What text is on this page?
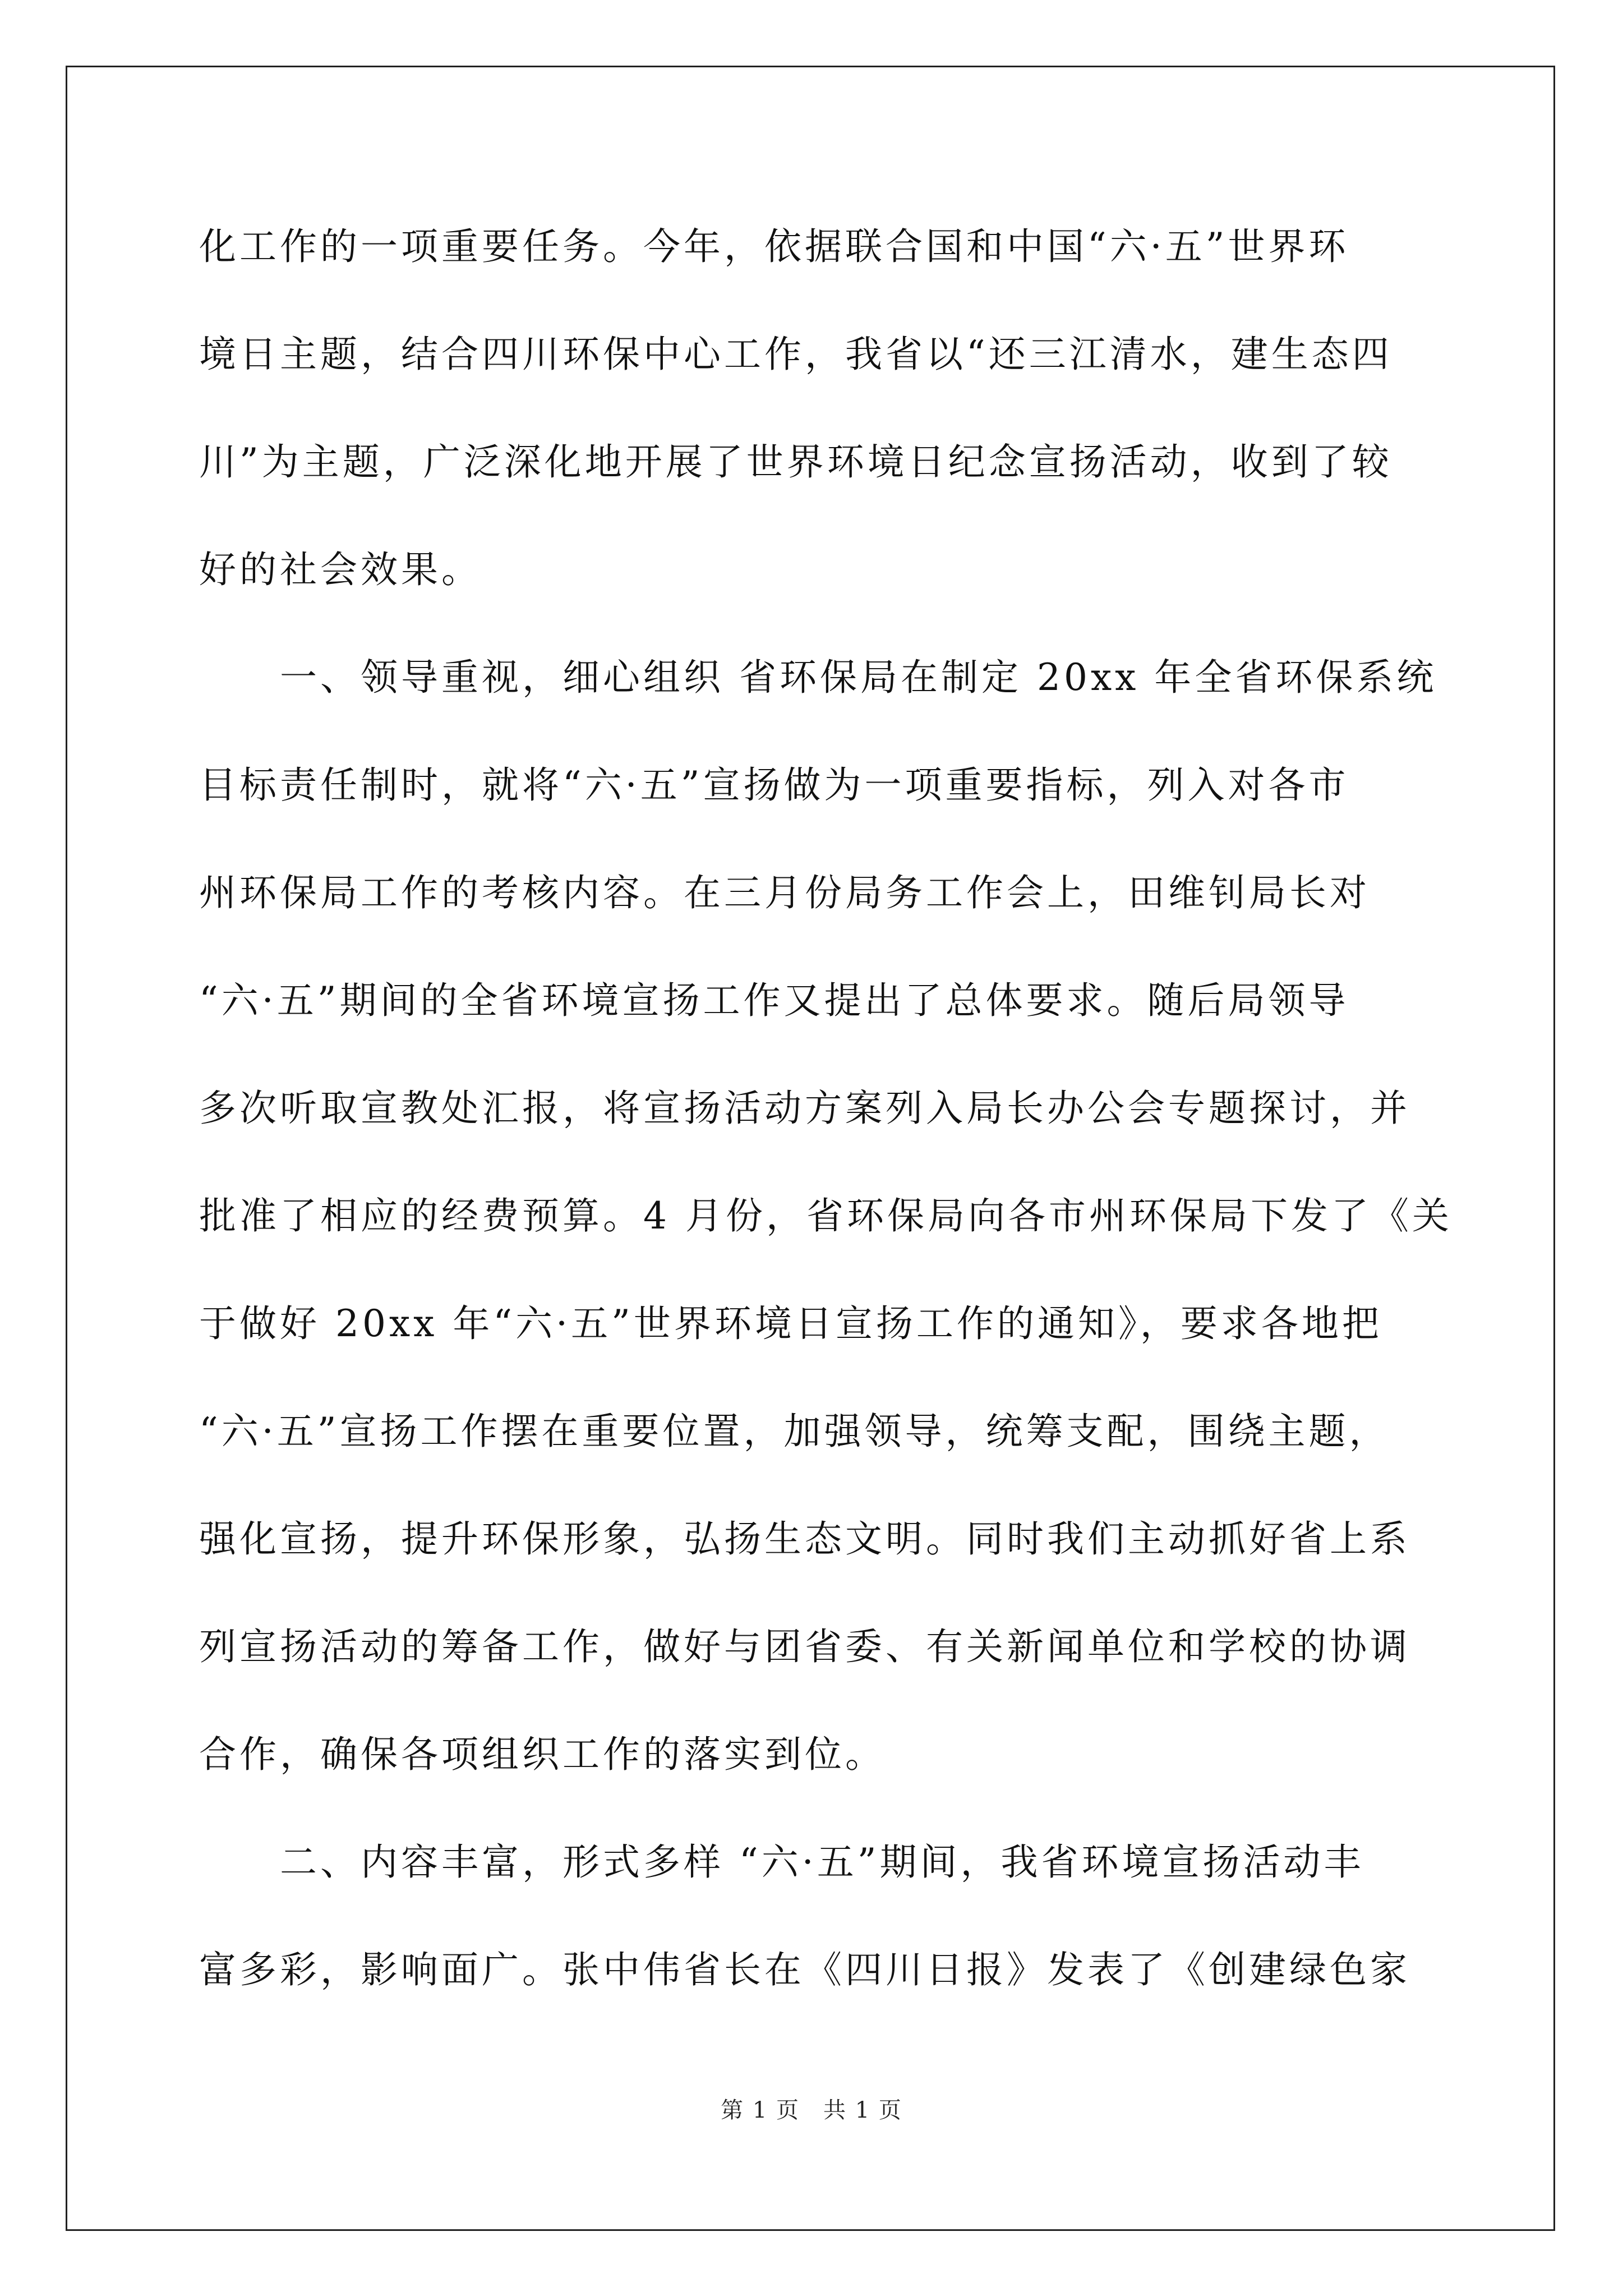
化工作的一项重要任务。今年，依据联合国和中国“六·五”世界环
境日主题，结合四川环保中心工作，我省以“还三江清水，建生态四
川”为主题，广泛深化地开展了世界环境日纪念宣扬活动，收到了较
好的社会效果。

　　一、领导重视，细心组织 省环保局在制定 20xx 年全省环保系统
目标责任制时，就将“六·五”宣扬做为一项重要指标，列入对各市
州环保局工作的考核内容。在三月份局务工作会上，田维钊局长对
“六·五”期间的全省环境宣扬工作又提出了总体要求。随后局领导
多次听取宣教处汇报，将宣扬活动方案列入局长办公会专题探讨，并
批准了相应的经费预算。4 月份，省环保局向各市州环保局下发了《关
于做好 20xx 年“六·五”世界环境日宣扬工作的通知》，要求各地把
“六·五”宣扬工作摆在重要位置，加强领导，统筹支配，围绕主题，
强化宣扬，提升环保形象，弘扬生态文明。同时我们主动抓好省上系
列宣扬活动的筹备工作，做好与团省委、有关新闻单位和学校的协调
合作，确保各项组织工作的落实到位。

　　二、内容丰富，形式多样 “六·五”期间，我省环境宣扬活动丰
富多彩，影响面广。张中伟省长在《四川日报》发表了《创建绿色家

第 1 页　共 1 页
